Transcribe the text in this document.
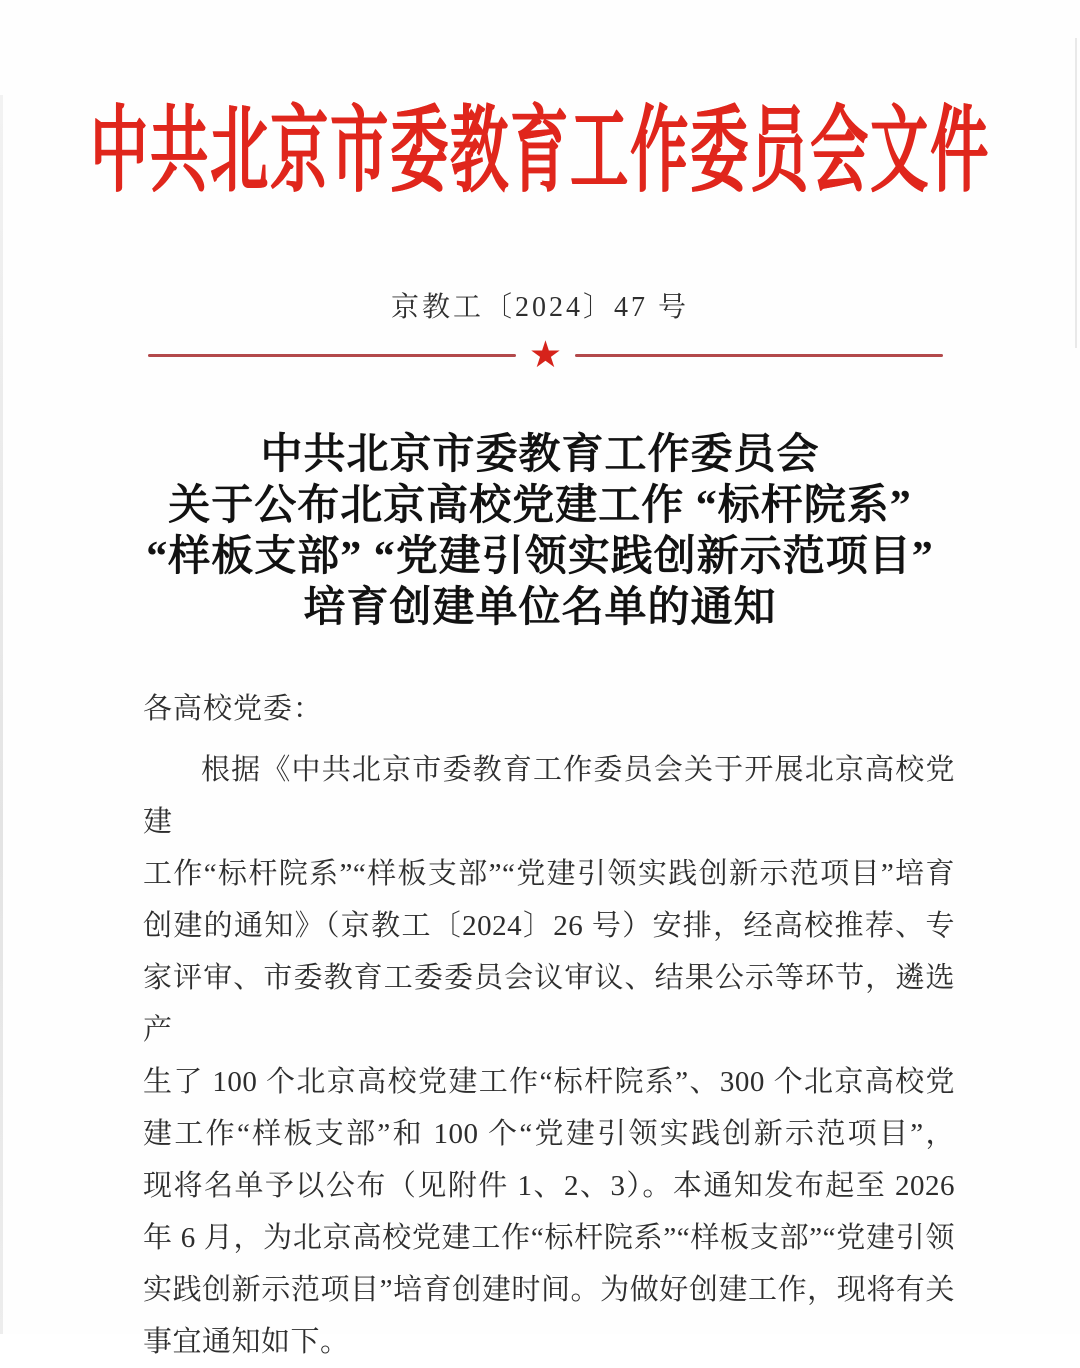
中共北京市委教育工作委员会文件
京教工〔2024〕47 号
★
中共北京市委教育工作委员会
关于公布北京高校党建工作 “标杆院系”
“样板支部” “党建引领实践创新示范项目”
培育创建单位名单的通知
各高校党委：
根据《中共北京市委教育工作委员会关于开展北京高校党建
工作“标杆院系”“样板支部”“党建引领实践创新示范项目”培育
创建的通知》（京教工〔2024〕26 号）安排，经高校推荐、专
家评审、市委教育工委委员会议审议、结果公示等环节，遴选产
生了 100 个北京高校党建工作“标杆院系”、300 个北京高校党
建工作“样板支部”和 100 个“党建引领实践创新示范项目”，
现将名单予以公布（见附件 1、2、3）。本通知发布起至 2026
年 6 月，为北京高校党建工作“标杆院系”“样板支部”“党建引领
实践创新示范项目”培育创建时间。为做好创建工作，现将有关
事宜通知如下。
